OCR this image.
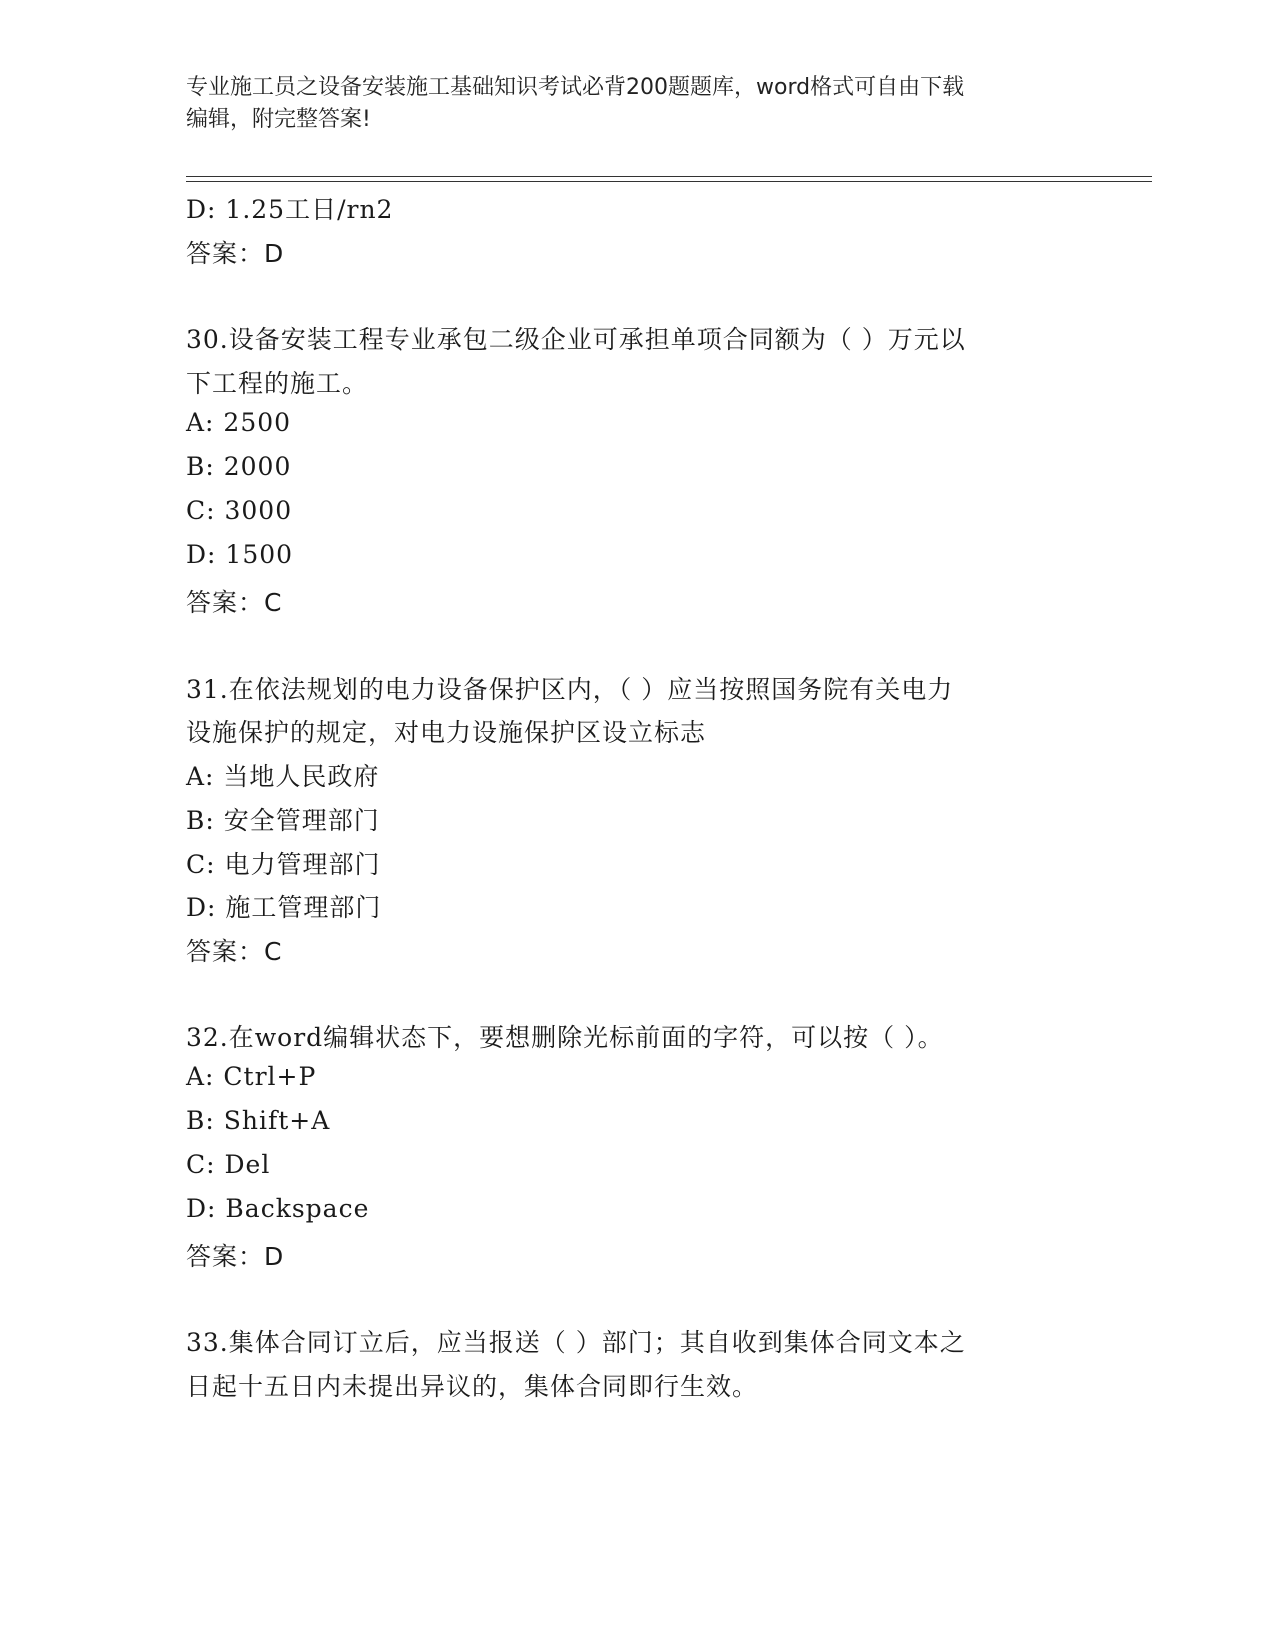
专业施工员之设备安装施工基础知识考试必背200题题库，word格式可自由下载
编辑，附完整答案!
D: 1.25工日/rn2
答案：D
30.设备安装工程专业承包二级企业可承担单项合同额为（ ）万元以
下工程的施工。
A: 2500
B: 2000
C: 3000
D: 1500
答案：C
31.在依法规划的电力设备保护区内，（ ）应当按照国务院有关电力
设施保护的规定，对电力设施保护区设立标志
A: 当地人民政府
B: 安全管理部门
C: 电力管理部门
D: 施工管理部门
答案：C
32.在word编辑状态下，要想删除光标前面的字符，可以按（ ）。
A: Ctrl+P
B: Shift+A
C: Del
D: Backspace
答案：D
33.集体合同订立后，应当报送（ ）部门；其自收到集体合同文本之
日起十五日内未提出异议的，集体合同即行生效。
